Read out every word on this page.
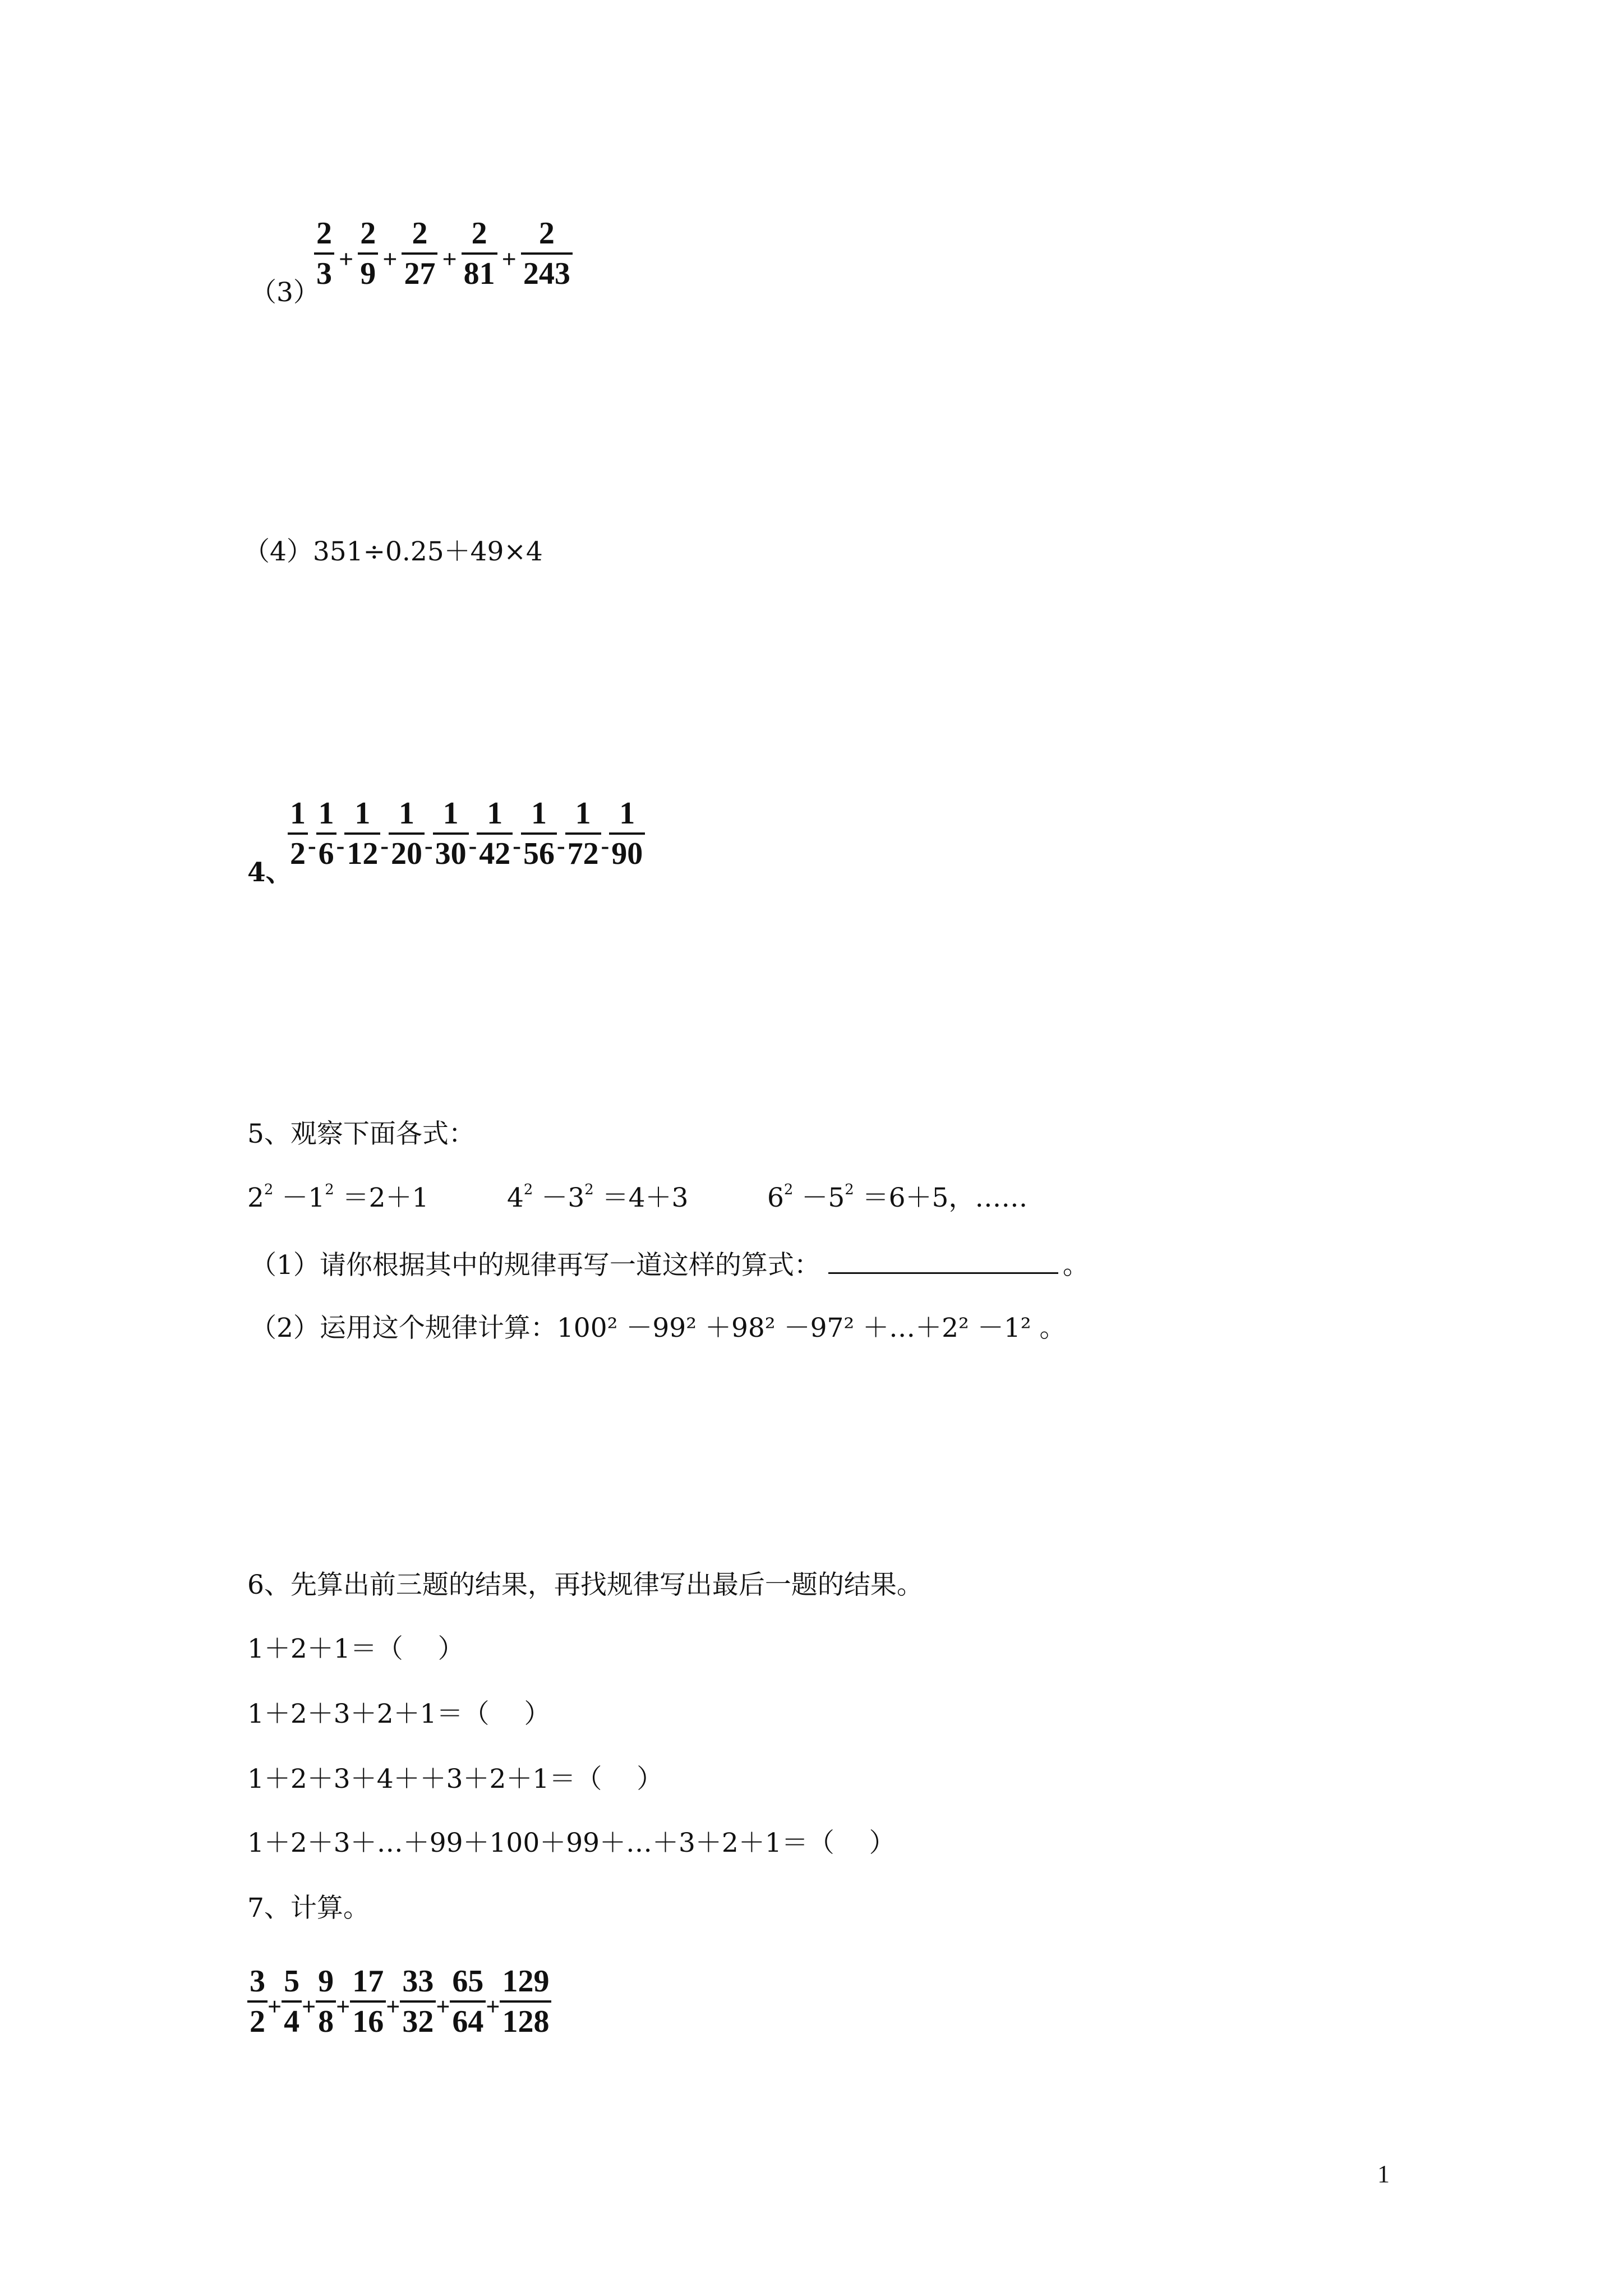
（3）
$\frac{2}{3} + \frac{2}{9} + \frac{2}{27} + \frac{2}{81} + \frac{2}{243}$
（4）351÷0.25＋49×4
4、
$\frac{1}{2} - \frac{1}{6} - \frac{1}{12} - \frac{1}{20} - \frac{1}{30} - \frac{1}{42} - \frac{1}{56} - \frac{1}{72} - \frac{1}{90}$
5、观察下面各式：
$2^2 -1^2 =2+1$	$4^2 -3^2 =4+3$	$6^2 -5^2 =6+5$，……
（1）请你根据其中的规律再写一道这样的算式：	。
（2）运用这个规律计算：100² －99² ＋98² －97² ＋…＋2² －1² 。
6、先算出前三题的结果，再找规律写出最后一题的结果。
1＋2＋1＝（　 ）
1＋2＋3＋2＋1＝（　 ）
1＋2＋3＋4＋＋3＋2＋1＝（　 ）
1＋2＋3＋…＋99＋100＋99＋…＋3＋2＋1＝（　 ）
7、计算。
$\frac{3}{2} + \frac{5}{4} + \frac{9}{8} + \frac{17}{16} + \frac{33}{32} + \frac{65}{64} + \frac{129}{128}$
1
